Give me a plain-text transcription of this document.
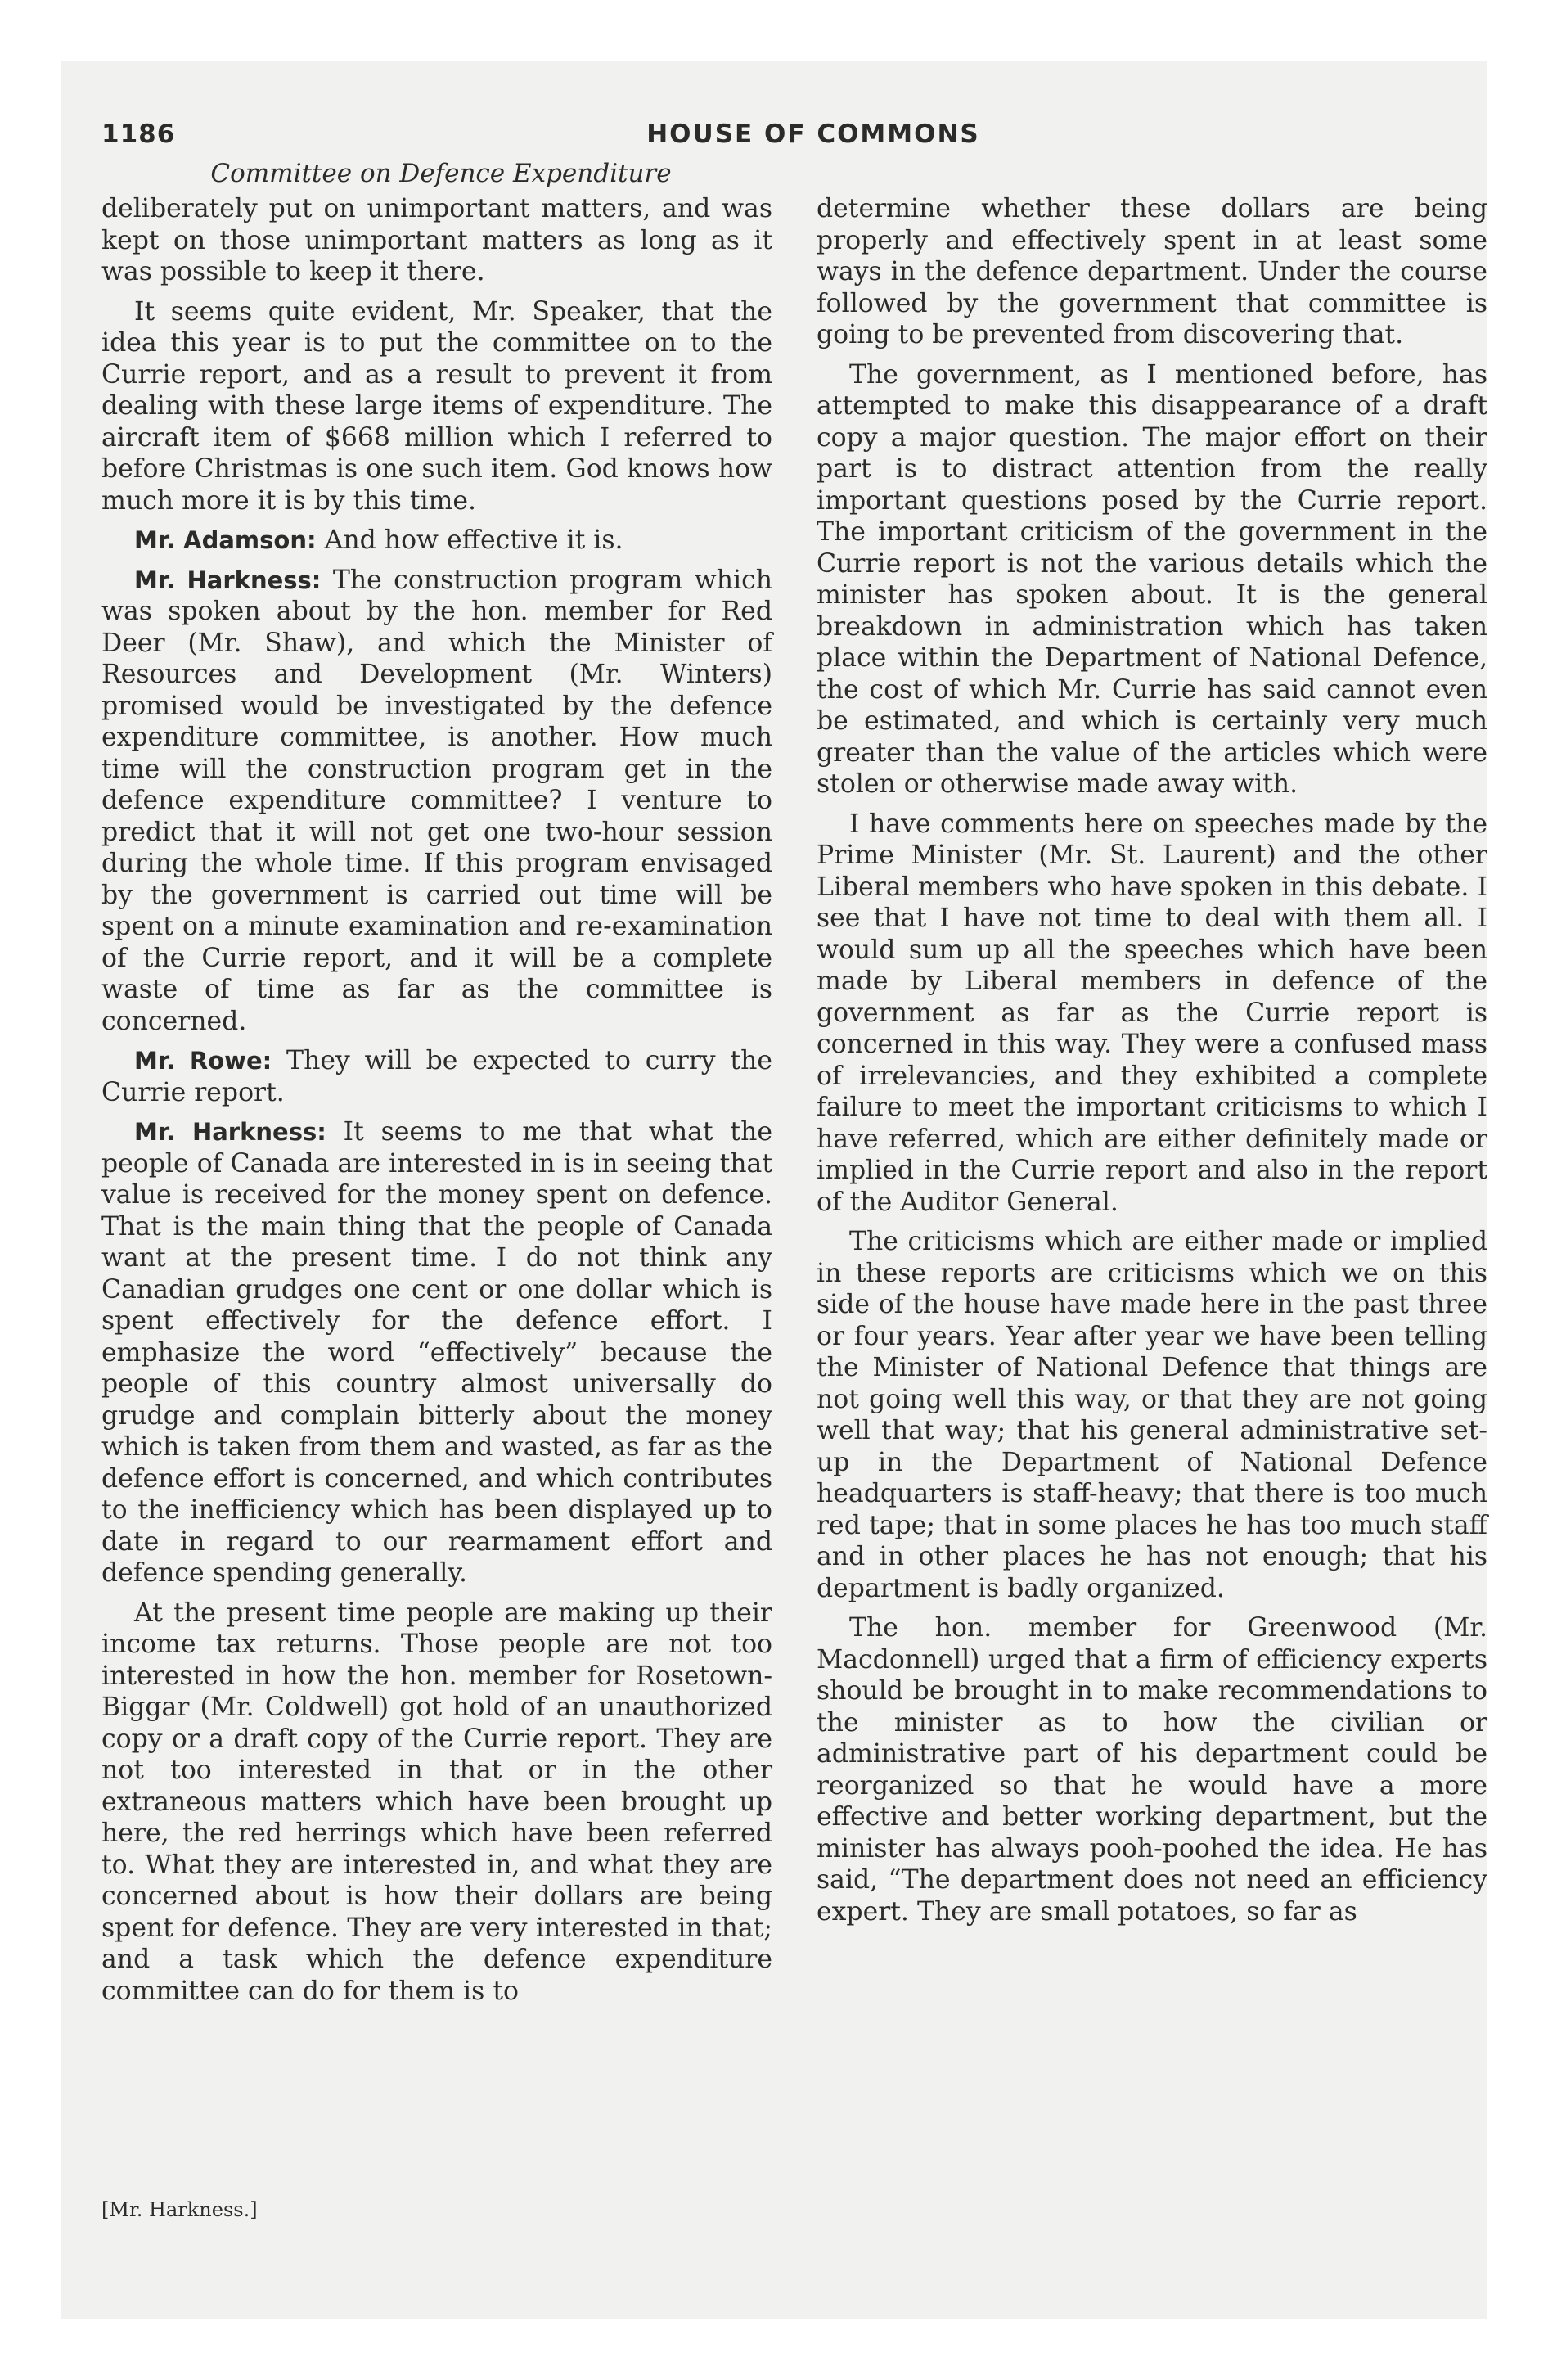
1186	HOUSE OF COMMONS
Committee on Defence Expenditure

deliberately put on unimportant matters, and was kept on those unimportant matters as long as it was possible to keep it there.

It seems quite evident, Mr. Speaker, that the idea this year is to put the committee on to the Currie report, and as a result to prevent it from dealing with these large items of expenditure. The aircraft item of $668 million which I referred to before Christmas is one such item. God knows how much more it is by this time.

Mr. Adamson: And how effective it is.

Mr. Harkness: The construction program which was spoken about by the hon. member for Red Deer (Mr. Shaw), and which the Minister of Resources and Development (Mr. Winters) promised would be investigated by the defence expenditure committee, is another. How much time will the construction program get in the defence expenditure committee? I venture to predict that it will not get one two-hour session during the whole time. If this program envisaged by the government is carried out time will be spent on a minute examination and re-examination of the Currie report, and it will be a complete waste of time as far as the committee is concerned.

Mr. Rowe: They will be expected to curry the Currie report.

Mr. Harkness: It seems to me that what the people of Canada are interested in is in seeing that value is received for the money spent on defence. That is the main thing that the people of Canada want at the present time. I do not think any Canadian grudges one cent or one dollar which is spent effectively for the defence effort. I emphasize the word “effectively” because the people of this country almost universally do grudge and complain bitterly about the money which is taken from them and wasted, as far as the defence effort is concerned, and which contributes to the inefficiency which has been displayed up to date in regard to our rearmament effort and defence spending generally.

At the present time people are making up their income tax returns. Those people are not too interested in how the hon. member for Rosetown-Biggar (Mr. Coldwell) got hold of an unauthorized copy or a draft copy of the Currie report. They are not too interested in that or in the other extraneous matters which have been brought up here, the red herrings which have been referred to. What they are interested in, and what they are concerned about is how their dollars are being spent for defence. They are very interested in that; and a task which the defence expenditure committee can do for them is to

determine whether these dollars are being properly and effectively spent in at least some ways in the defence department. Under the course followed by the government that committee is going to be prevented from discovering that.

The government, as I mentioned before, has attempted to make this disappearance of a draft copy a major question. The major effort on their part is to distract attention from the really important questions posed by the Currie report. The important criticism of the government in the Currie report is not the various details which the minister has spoken about. It is the general breakdown in administration which has taken place within the Department of National Defence, the cost of which Mr. Currie has said cannot even be estimated, and which is certainly very much greater than the value of the articles which were stolen or otherwise made away with.

I have comments here on speeches made by the Prime Minister (Mr. St. Laurent) and the other Liberal members who have spoken in this debate. I see that I have not time to deal with them all. I would sum up all the speeches which have been made by Liberal members in defence of the government as far as the Currie report is concerned in this way. They were a confused mass of irrelevancies, and they exhibited a complete failure to meet the important criticisms to which I have referred, which are either definitely made or implied in the Currie report and also in the report of the Auditor General.

The criticisms which are either made or implied in these reports are criticisms which we on this side of the house have made here in the past three or four years. Year after year we have been telling the Minister of National Defence that things are not going well this way, or that they are not going well that way; that his general administrative set-up in the Department of National Defence headquarters is staff-heavy; that there is too much red tape; that in some places he has too much staff and in other places he has not enough; that his department is badly organized.

The hon. member for Greenwood (Mr. Macdonnell) urged that a firm of efficiency experts should be brought in to make recommendations to the minister as to how the civilian or administrative part of his department could be reorganized so that he would have a more effective and better working department, but the minister has always pooh-poohed the idea. He has said, “The department does not need an efficiency expert. They are small potatoes, so far as

[Mr. Harkness.]
